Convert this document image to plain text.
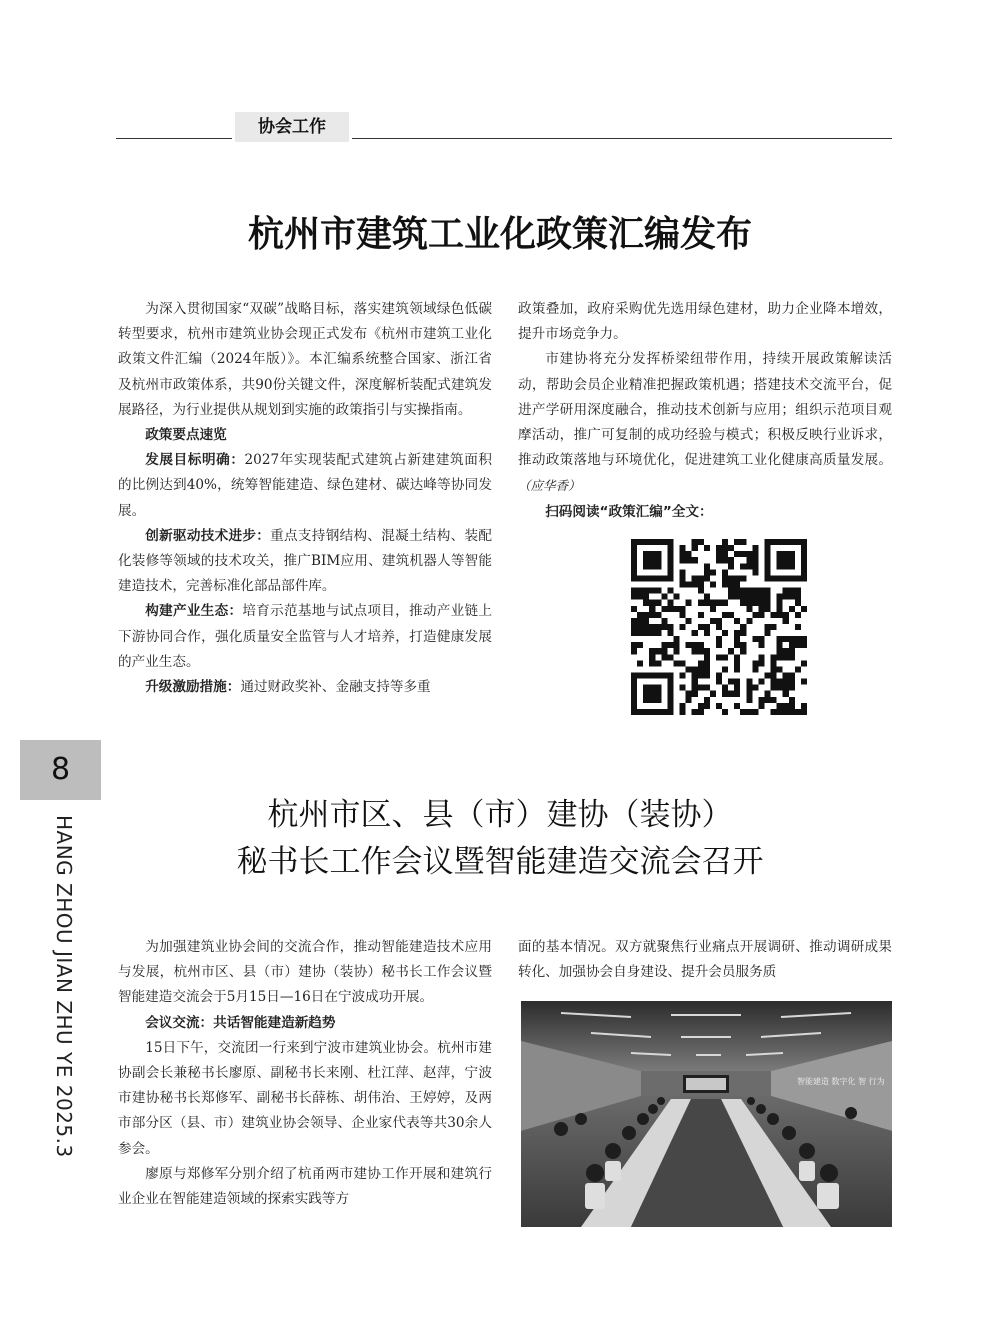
协会工作
杭州市建筑工业化政策汇编发布

为深入贯彻国家“双碳”战略目标，落实建筑领域绿色低碳转型要求，杭州市建筑业协会现正式发布《杭州市建筑工业化政策文件汇编（2024年版）》。本汇编系统整合国家、浙江省及杭州市政策体系，共90份关键文件，深度解析装配式建筑发展路径，为行业提供从规划到实施的政策指引与实操指南。

政策要点速览

发展目标明确：2027年实现装配式建筑占新建建筑面积的比例达到40%，统筹智能建造、绿色建材、碳达峰等协同发展。

创新驱动技术进步：重点支持钢结构、混凝土结构、装配化装修等领域的技术攻关，推广BIM应用、建筑机器人等智能建造技术，完善标准化部品部件库。

构建产业生态：培育示范基地与试点项目，推动产业链上下游协同合作，强化质量安全监管与人才培养，打造健康发展的产业生态。

升级激励措施：通过财政奖补、金融支持等多重

政策叠加，政府采购优先选用绿色建材，助力企业降本增效，提升市场竞争力。

市建协将充分发挥桥梁纽带作用，持续开展政策解读活动，帮助会员企业精准把握政策机遇；搭建技术交流平台，促进产学研用深度融合，推动技术创新与应用；组织示范项目观摩活动，推广可复制的成功经验与模式；积极反映行业诉求，推动政策落地与环境优化，促进建筑工业化健康高质量发展。（应华香）

扫码阅读“政策汇编”全文：

8
HANG ZHOU JIAN ZHU YE 2025.3	杭州市区、县（市）建协（装协）
秘书长工作会议暨智能建造交流会召开

为加强建筑业协会间的交流合作，推动智能建造技术应用与发展，杭州市区、县（市）建协（装协）秘书长工作会议暨智能建造交流会于5月15日—16日在宁波成功开展。

会议交流：共话智能建造新趋势

15日下午，交流团一行来到宁波市建筑业协会。杭州市建协副会长兼秘书长廖原、副秘书长来刚、杜江萍、赵萍，宁波市建协秘书长郑修军、副秘书长薛栋、胡伟治、王婷婷，及两市部分区（县、市）建筑业协会领导、企业家代表等共30余人参会。

廖原与郑修军分别介绍了杭甬两市建协工作开展和建筑行业企业在智能建造领域的探索实践等方

面的基本情况。双方就聚焦行业痛点开展调研、推动调研成果转化、加强协会自身建设、提升会员服务质

智能建造 数字化 智 行为
